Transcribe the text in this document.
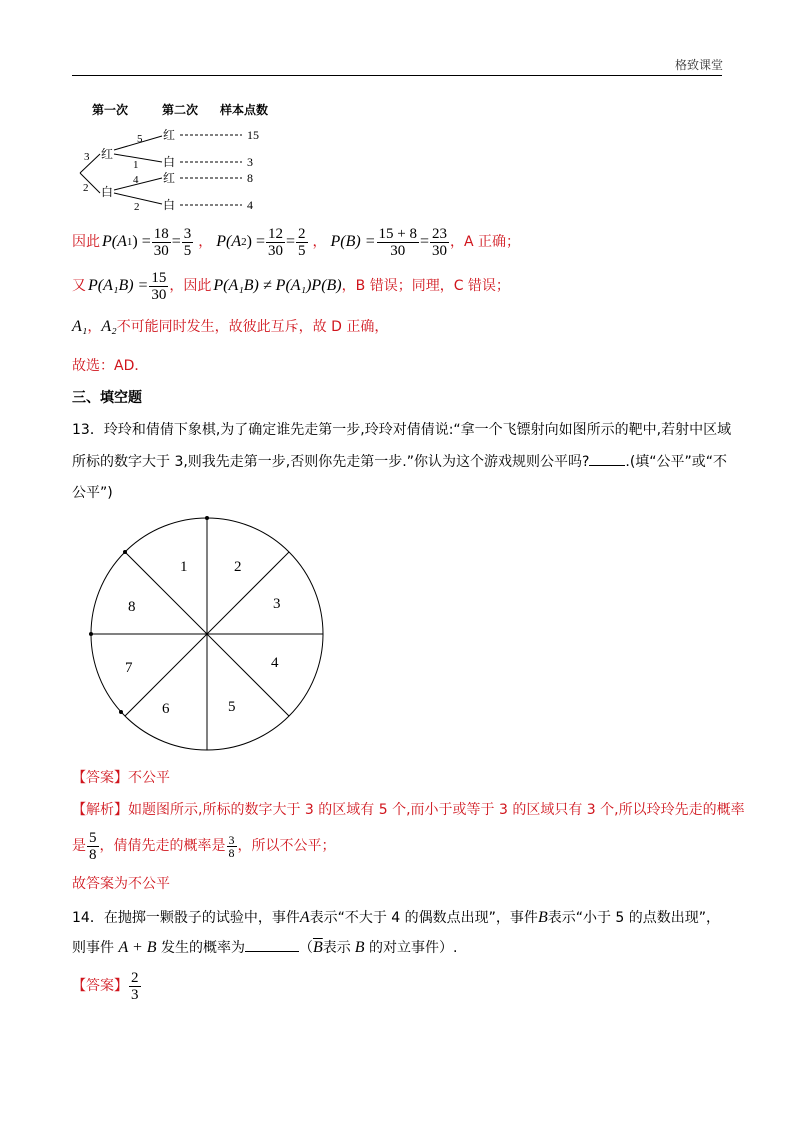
格致课堂
第一次	第二次 样本点数
3
2
红
白
5
1
4
2
红
白
红
白
15
3
8
4
因此 P(A 1 ) = $\frac{18}{30} = \frac{3}{5}$ ， P(A 2 ) = $\frac{12}{30} = \frac{2}{5}$ ， $P(B) = \frac{15 + 8}{30} = \frac{23}{30}$ ，A 正确；
又 $P(A_1B) = \frac{15}{30}$ ，因此 P(A₁B) ≠ P(A₁)P(B) ，B 错误；同理，C 错误；
A₁，A₂不可能同时发生，故彼此互斥，故 D 正确，
故选：AD．
三、填空题
13．玲玲和倩倩下象棋,为了确定谁先走第一步,玲玲对倩倩说:“拿一个飞镖射向如图所示的靶中,若射中区域
所标的数字大于 3,则我先走第一步,否则你先走第一步.”你认为这个游戏规则公平吗?	.(填“公平”或“不
公平”)
1	2
3
4
5
6
7
8
【答案】不公平
【解析】如题图所示,所标的数字大于 3 的区域有 5 个,而小于或等于 3 的区域只有 3 个,所以玲玲先走的概率
是 $\frac{5}{8}$ ，倩倩先走的概率是 $\frac{3}{8}$ ，所以不公平；
故答案为不公平
14．在抛掷一颗骰子的试验中，事件A表示“不大于 4 的偶数点出现”，事件B表示“小于 5 的点数出现”，
则事件 A + B 发生的概率为	（$\overline{B}$表示 B 的对立事件）.
【答案】 $\frac{2}{3}$
